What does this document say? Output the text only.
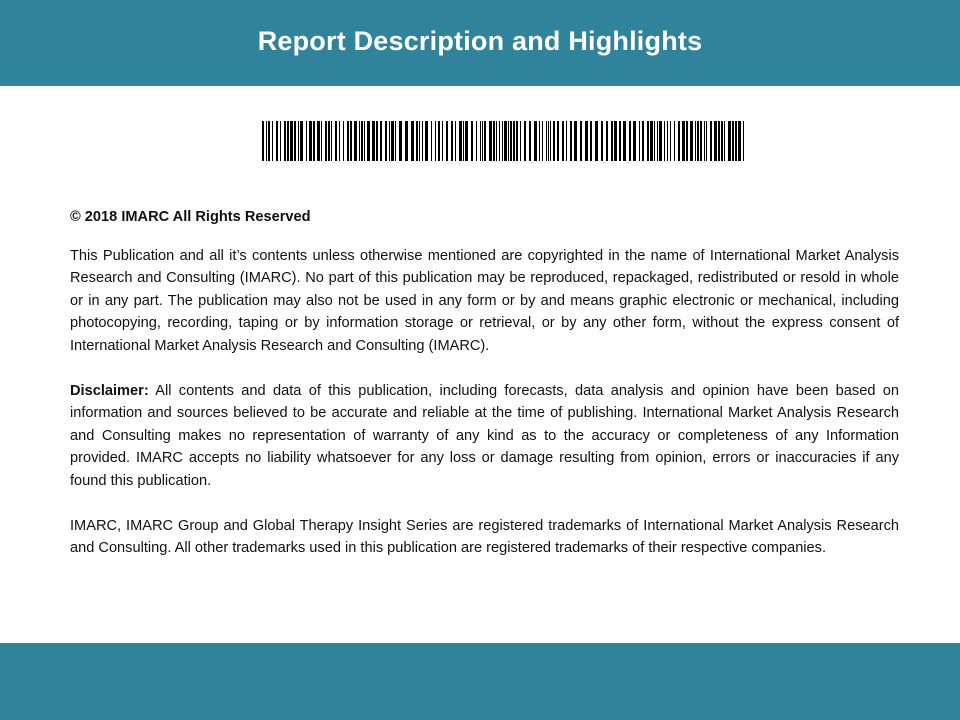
Report Description and Highlights

© 2018 IMARC All Rights Reserved

This Publication and all it’s contents unless otherwise mentioned are copyrighted in the name of International Market Analysis Research and Consulting (IMARC). No part of this publication may be reproduced, repackaged, redistributed or resold in whole or in any part. The publication may also not be used in any form or by and means graphic electronic or mechanical, including photocopying, recording, taping or by information storage or retrieval, or by any other form, without the express consent of International Market Analysis Research and Consulting (IMARC).

Disclaimer: All contents and data of this publication, including forecasts, data analysis and opinion have been based on information and sources believed to be accurate and reliable at the time of publishing. International Market Analysis Research and Consulting makes no representation of warranty of any kind as to the accuracy or completeness of any Information provided. IMARC accepts no liability whatsoever for any loss or damage resulting from opinion, errors or inaccuracies if any found this publication.

IMARC, IMARC Group and Global Therapy Insight Series are registered trademarks of International Market Analysis Research and Consulting. All other trademarks used in this publication are registered trademarks of their respective companies.
